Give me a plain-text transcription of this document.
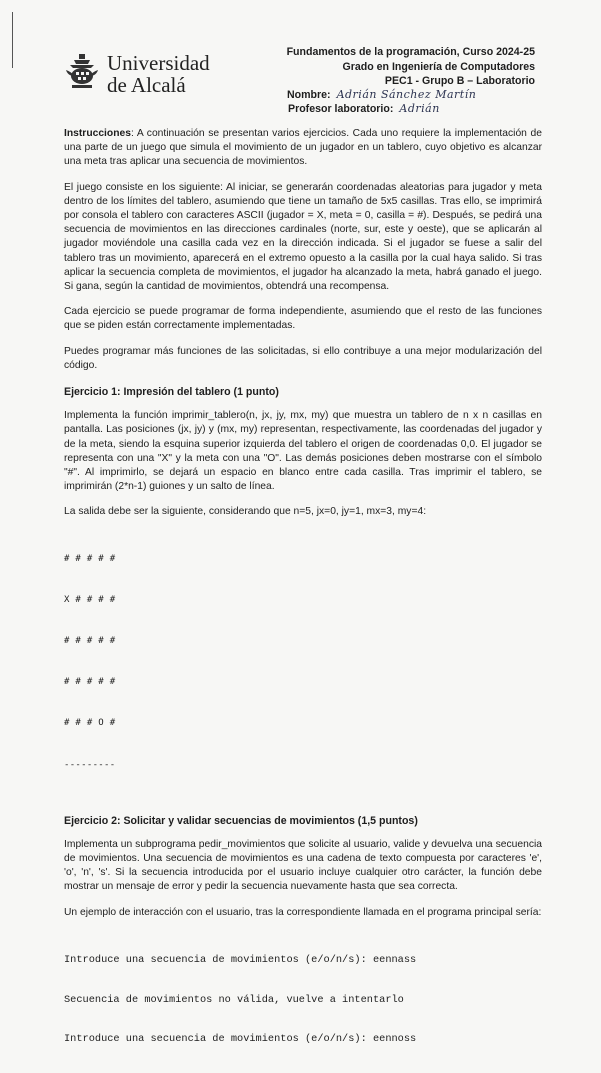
Universidad
de Alcalá
Fundamentos de la programación, Curso 2024-25
Grado en Ingeniería de Computadores
PEC1 - Grupo B – Laboratorio
Nombre: Adrián Sánchez Martín
Profesor laboratorio: Adrián

Instrucciones: A continuación se presentan varios ejercicios. Cada uno requiere la implementación de una parte de un juego que simula el movimiento de un jugador en un tablero, cuyo objetivo es alcanzar una meta tras aplicar una secuencia de movimientos.

El juego consiste en los siguiente: Al iniciar, se generarán coordenadas aleatorias para jugador y meta dentro de los límites del tablero, asumiendo que tiene un tamaño de 5x5 casillas. Tras ello, se imprimirá por consola el tablero con caracteres ASCII (jugador = X, meta = 0, casilla = #). Después, se pedirá una secuencia de movimientos en las direcciones cardinales (norte, sur, este y oeste), que se aplicarán al jugador moviéndole una casilla cada vez en la dirección indicada. Si el jugador se fuese a salir del tablero tras un movimiento, aparecerá en el extremo opuesto a la casilla por la cual haya salido. Si tras aplicar la secuencia completa de movimientos, el jugador ha alcanzado la meta, habrá ganado el juego. Si gana, según la cantidad de movimientos, obtendrá una recompensa.

Cada ejercicio se puede programar de forma independiente, asumiendo que el resto de las funciones que se piden están correctamente implementadas.

Puedes programar más funciones de las solicitadas, si ello contribuye a una mejor modularización del código.

Ejercicio 1: Impresión del tablero (1 punto)

Implementa la función imprimir_tablero(n, jx, jy, mx, my) que muestra un tablero de n x n casillas en pantalla. Las posiciones (jx, jy) y (mx, my) representan, respectivamente, las coordenadas del jugador y de la meta, siendo la esquina superior izquierda del tablero el origen de coordenadas 0,0. El jugador se representa con una "X" y la meta con una "O". Las demás posiciones deben mostrarse con el símbolo "#". Al imprimirlo, se dejará un espacio en blanco entre cada casilla. Tras imprimir el tablero, se imprimirán (2*n-1) guiones y un salto de línea.

La salida debe ser la siguiente, considerando que n=5, jx=0, jy=1, mx=3, my=4:

# # # # #

X # # # #

# # # # #

# # # # #

# # # O #

---------

Ejercicio 2: Solicitar y validar secuencias de movimientos (1,5 puntos)

Implementa un subprograma pedir_movimientos que solicite al usuario, valide y devuelva una secuencia de movimientos. Una secuencia de movimientos es una cadena de texto compuesta por caracteres 'e', 'o', 'n', 's'. Si la secuencia introducida por el usuario incluye cualquier otro carácter, la función debe mostrar un mensaje de error y pedir la secuencia nuevamente hasta que sea correcta.

Un ejemplo de interacción con el usuario, tras la correspondiente llamada en el programa principal sería:

Introduce una secuencia de movimientos (e/o/n/s): eennass

Secuencia de movimientos no válida, vuelve a intentarlo

Introduce una secuencia de movimientos (e/o/n/s): eennoss
